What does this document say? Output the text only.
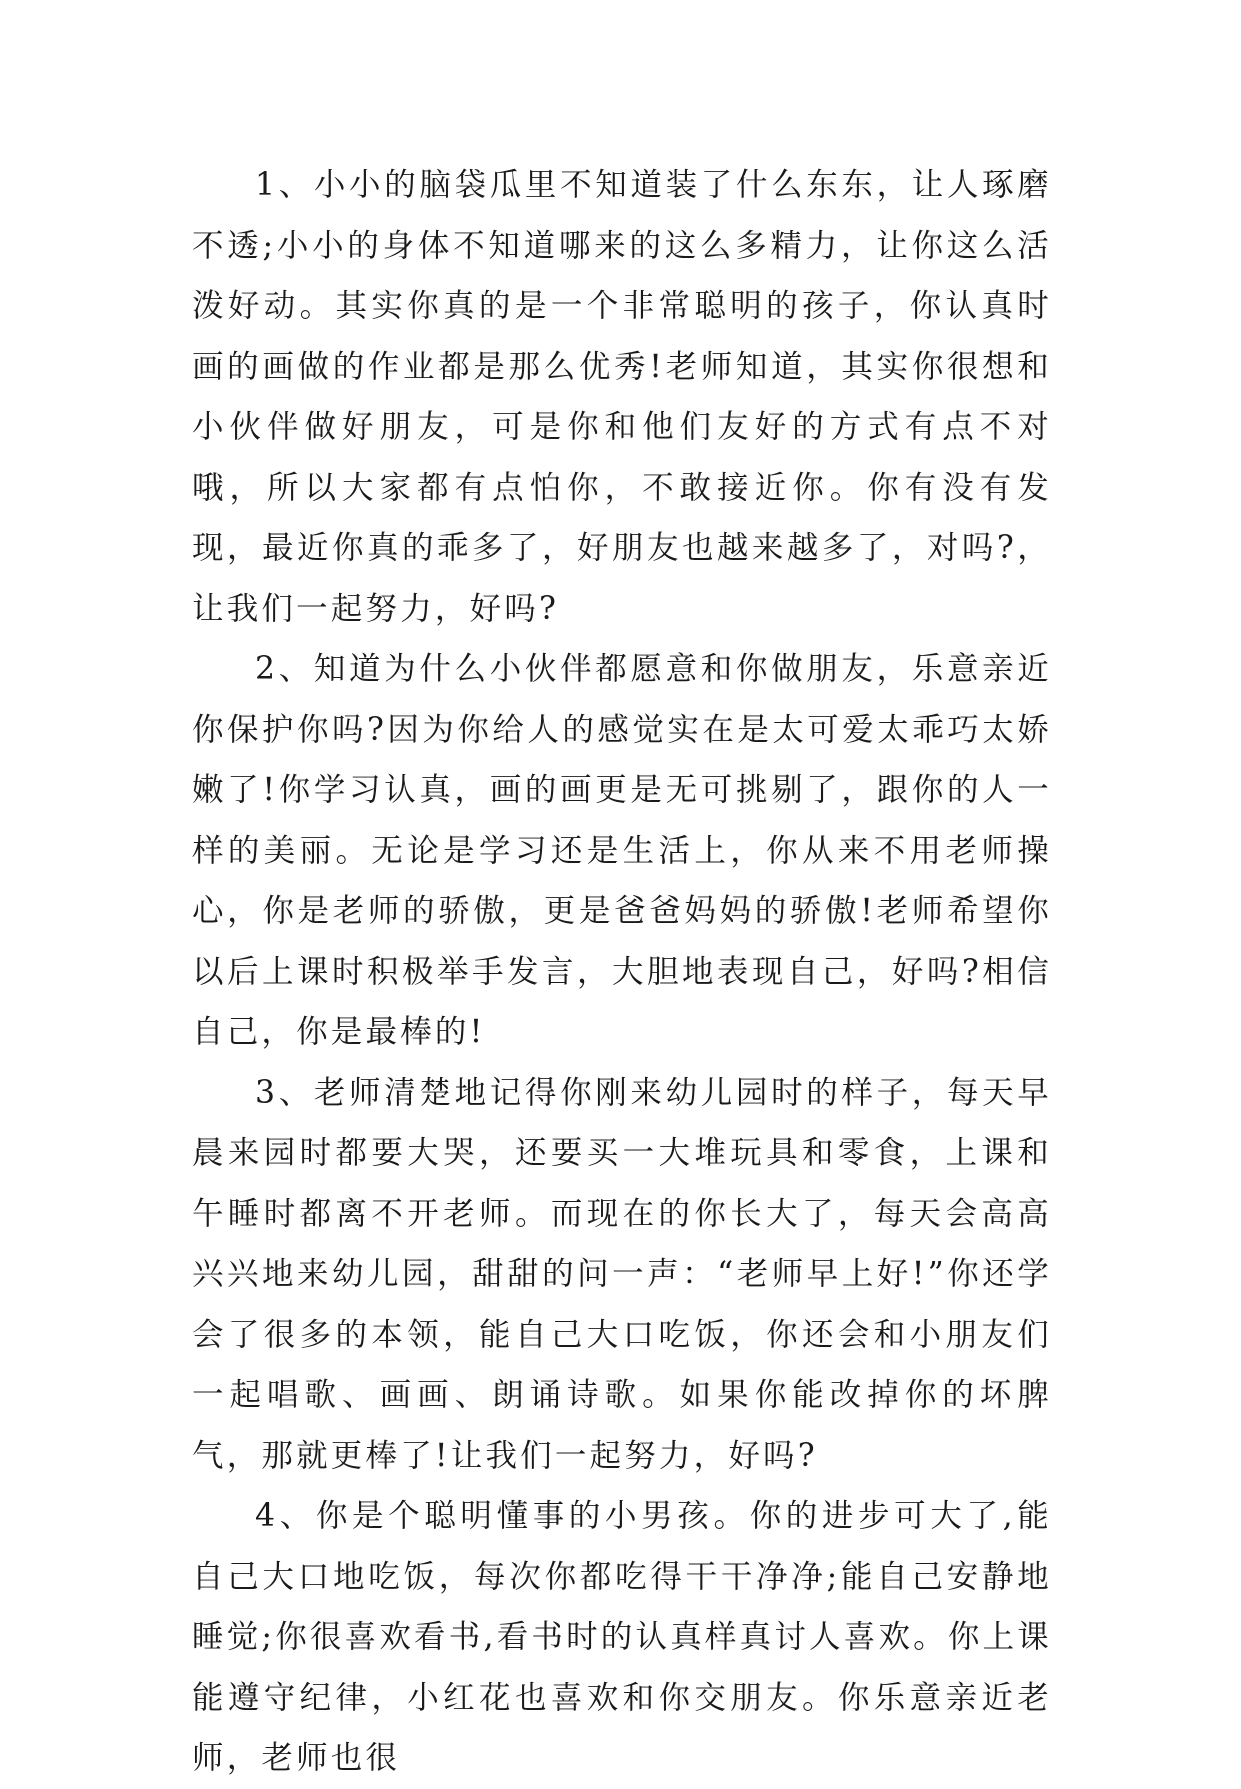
1、小小的脑袋瓜里不知道装了什么东东，让人琢磨不透;小小的身体不知道哪来的这么多精力，让你这么活泼好动。其实你真的是一个非常聪明的孩子，你认真时画的画做的作业都是那么优秀!老师知道，其实你很想和小伙伴做好朋友，可是你和他们友好的方式有点不对哦，所以大家都有点怕你，不敢接近你。你有没有发现，最近你真的乖多了，好朋友也越来越多了，对吗?，让我们一起努力，好吗?

2、知道为什么小伙伴都愿意和你做朋友，乐意亲近你保护你吗?因为你给人的感觉实在是太可爱太乖巧太娇嫩了!你学习认真，画的画更是无可挑剔了，跟你的人一样的美丽。无论是学习还是生活上，你从来不用老师操心，你是老师的骄傲，更是爸爸妈妈的骄傲!老师希望你以后上课时积极举手发言，大胆地表现自己，好吗?相信自己，你是最棒的!

3、老师清楚地记得你刚来幼儿园时的样子，每天早晨来园时都要大哭，还要买一大堆玩具和零食，上课和午睡时都离不开老师。而现在的你长大了，每天会高高兴兴地来幼儿园，甜甜的问一声：“老师早上好!”你还学会了很多的本领，能自己大口吃饭，你还会和小朋友们一起唱歌、画画、朗诵诗歌。如果你能改掉你的坏脾气，那就更棒了!让我们一起努力，好吗?

4、你是个聪明懂事的小男孩。你的进步可大了,能自己大口地吃饭，每次你都吃得干干净净;能自己安静地睡觉;你很喜欢看书,看书时的认真样真讨人喜欢。你上课能遵守纪律，小红花也喜欢和你交朋友。你乐意亲近老师，老师也很
